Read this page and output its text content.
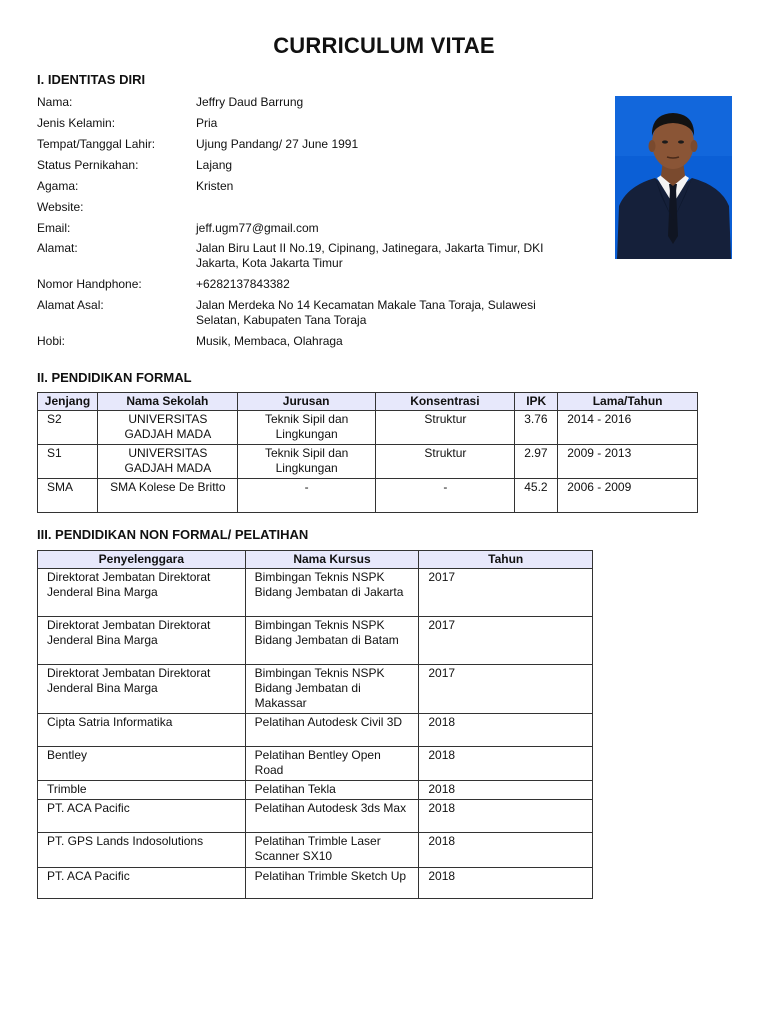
CURRICULUM VITAE
I. IDENTITAS DIRI
Nama:	Jeffry Daud Barrung
Jenis Kelamin:	Pria
Tempat/Tanggal Lahir:	Ujung Pandang/ 27 June 1991
Status Pernikahan:	Lajang
Agama:	Kristen
Website:
Email:	jeff.ugm77@gmail.com
Alamat:	Jalan Biru Laut II No.19, Cipinang, Jatinegara, Jakarta Timur, DKI Jakarta, Kota Jakarta Timur
Nomor Handphone:	+6282137843382
Alamat Asal:	Jalan Merdeka No 14 Kecamatan Makale Tana Toraja, Sulawesi Selatan, Kabupaten Tana Toraja
Hobi:	Musik, Membaca, Olahraga
II. PENDIDIKAN FORMAL
Jenjang	Nama Sekolah	Jurusan	Konsentrasi	IPK	Lama/Tahun
S2	UNIVERSITAS GADJAH MADA	Teknik Sipil dan Lingkungan	Struktur	3.76	2014 - 2016
S1	UNIVERSITAS GADJAH MADA	Teknik Sipil dan Lingkungan	Struktur	2.97	2009 - 2013
SMA	SMA Kolese De Britto	-	-	45.2	2006 - 2009
III. PENDIDIKAN NON FORMAL/ PELATIHAN
Penyelenggara	Nama Kursus	Tahun
Direktorat Jembatan Direktorat Jenderal Bina Marga	Bimbingan Teknis NSPK Bidang Jembatan di Jakarta	2017
Direktorat Jembatan Direktorat Jenderal Bina Marga	Bimbingan Teknis NSPK Bidang Jembatan di Batam	2017
Direktorat Jembatan Direktorat Jenderal Bina Marga	Bimbingan Teknis NSPK Bidang Jembatan di Makassar	2017
Cipta Satria Informatika	Pelatihan Autodesk Civil 3D	2018
Bentley	Pelatihan Bentley Open Road	2018
Trimble	Pelatihan Tekla	2018
PT. ACA Pacific	Pelatihan Autodesk 3ds Max	2018
PT. GPS Lands Indosolutions	Pelatihan Trimble Laser Scanner SX10	2018
PT. ACA Pacific	Pelatihan Trimble Sketch Up	2018
